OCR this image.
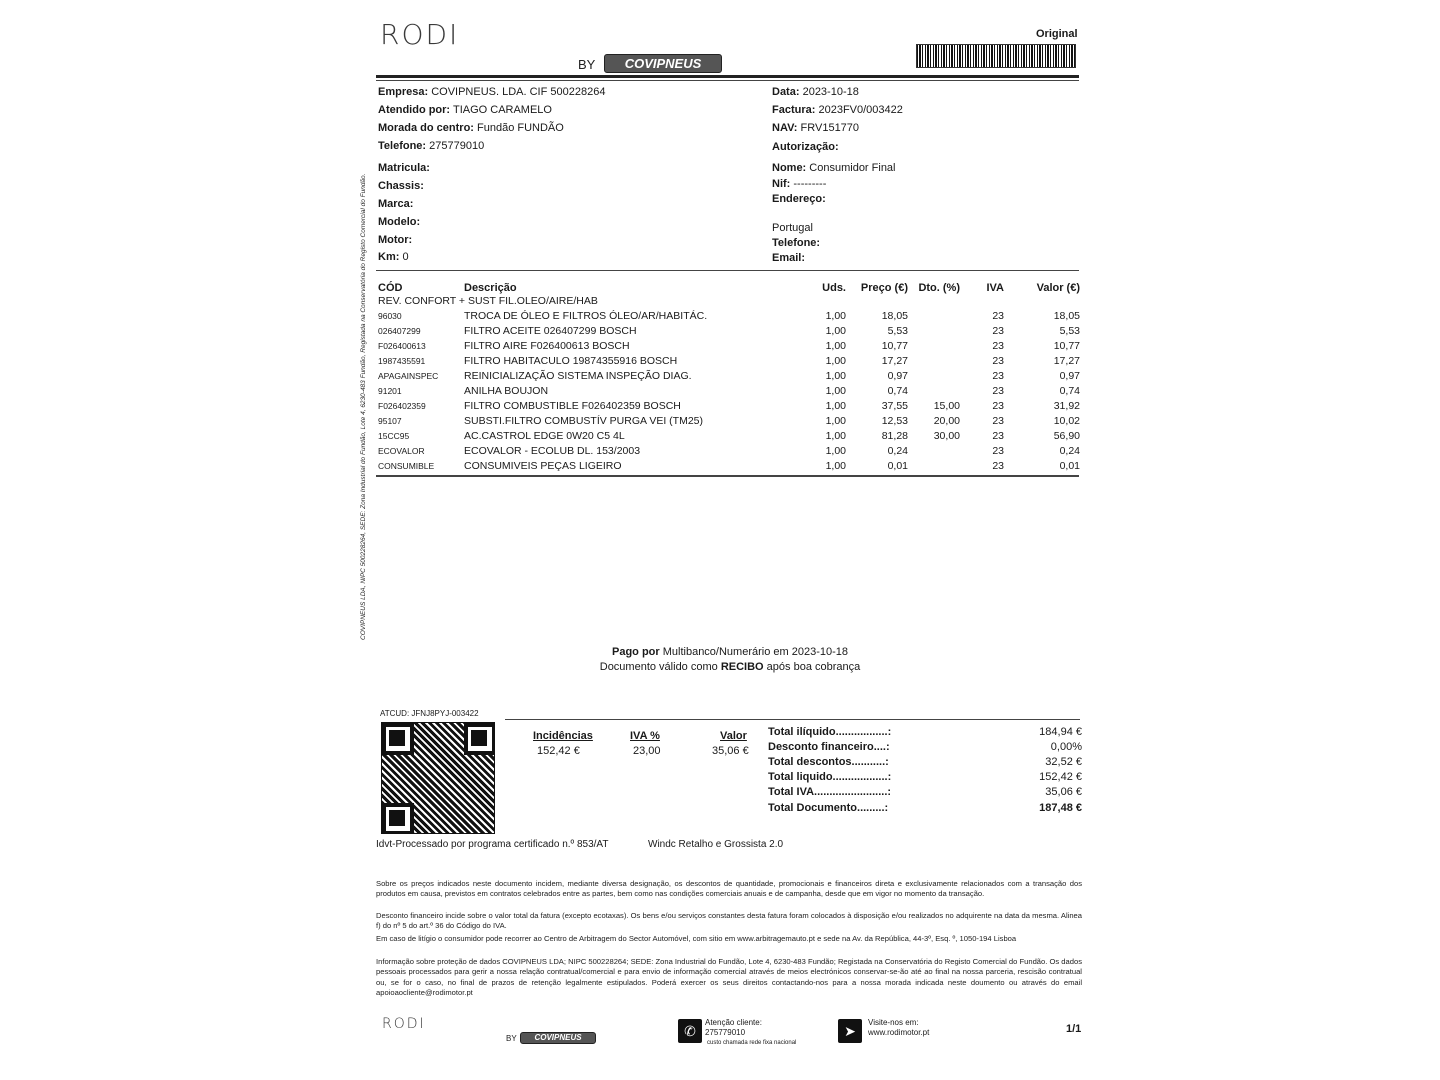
RODI
BY	COVIPNEUS
Original
Empresa: COVIPNEUS. LDA. CIF 500228264
Atendido por: TIAGO CARAMELO
Morada do centro: Fundão FUNDÃO
Telefone: 275779010
Matricula:
Chassis:
Marca:
Modelo:
Motor:
Km: 0
Data: 2023-10-18
Factura: 2023FV0/003422
NAV: FRV151770
Autorização:
Nome: Consumidor Final
Nif: ---------
Endereço:
Portugal
Telefone:
Email:
COVIPNEUS LDA, NIPC 500228264, SEDE: Zona Industrial do Fundão, Lote 4, 6230-483 Fundão, Registada na Conservatória do Registo Comercial do Fundão. CÓD	Descrição	Uds.	Preço (€)	Dto. (%)	IVA	Valor (€)
REV. CONFORT + SUST FIL.OLEO/AIRE/HAB						
96030	TROCA DE ÓLEO E FILTROS ÓLEO/AR/HABITÁC.	1,00	18,05		23	18,05
026407299	FILTRO ACEITE 026407299 BOSCH	1,00	5,53		23	5,53
F026400613	FILTRO AIRE F026400613 BOSCH	1,00	10,77		23	10,77
1987435591	FILTRO HABITACULO 19874355916 BOSCH	1,00	17,27		23	17,27
APAGAINSPEC	REINICIALIZAÇÃO SISTEMA INSPEÇÃO DIAG.	1,00	0,97		23	0,97
91201	ANILHA BOUJON	1,00	0,74		23	0,74
F026402359	FILTRO COMBUSTIBLE F026402359 BOSCH	1,00	37,55	15,00	23	31,92
95107	SUBSTI.FILTRO COMBUSTÍV PURGA VEI (TM25)	1,00	12,53	20,00	23	10,02
15CC95	AC.CASTROL EDGE 0W20 C5 4L	1,00	81,28	30,00	23	56,90
ECOVALOR	ECOVALOR - ECOLUB DL. 153/2003	1,00	0,24		23	0,24
CONSUMIBLE	CONSUMIVEIS PEÇAS LIGEIRO	1,00	0,01		23	0,01
Pago por Multibanco/Numerário em 2023-10-18
Documento válido como RECIBO após boa cobrança
ATCUD: JFNJ8PYJ-003422
Incidências	IVA %	Valor
152,42 €	23,00	35,06 €
Total ilíquido.................:	184,94 €
Desconto financeiro....:	0,00%
Total descontos...........:	32,52 €
Total liquido..................:	152,42 €
Total IVA........................:	35,06 €
Total Documento.........:	187,48 €
Idvt-Processado por programa certificado n.º 853/AT	Windc Retalho e Grossista 2.0
Sobre os preços indicados neste documento incidem, mediante diversa designação, os descontos de quantidade, promocionais e financeiros direta e exclusivamente relacionados com a transação dos produtos em causa, previstos em contratos celebrados entre as partes, bem como nas condições comerciais anuais e de campanha, desde que em vigor no momento da transação.
Desconto financeiro incide sobre o valor total da fatura (excepto ecotaxas). Os bens e/ou serviços constantes desta fatura foram colocados à disposição e/ou realizados no adquirente na data da mesma. Alinea f) do nº 5 do art.º 36 do Código do IVA.
Em caso de litígio o consumidor pode recorrer ao Centro de Arbitragem do Sector Automóvel, com sitio em www.arbitragemauto.pt e sede na Av. da República, 44-3º, Esq. º, 1050-194 Lisboa
Informação sobre proteção de dados COVIPNEUS LDA; NIPC 500228264; SEDE: Zona Industrial do Fundão, Lote 4, 6230-483 Fundão; Registada na Conservatória do Registo Comercial do Fundão. Os dados pessoais processados para gerir a nossa relação contratual/comercial e para envio de informação comercial através de meios electrónicos conservar-se-ão até ao final na nossa parceria, rescisão contratual ou, se for o caso, no final de prazos de retenção legalmente estipulados. Poderá exercer os seus direitos contactando-nos para a nossa morada indicada neste doumento ou através do email apoioaocliente@rodimotor.pt
RODI
BY	COVIPNEUS	✆
Atenção cliente:
275779010
custo chamada rede fixa nacional
➤
Visite-nos em:
www.rodimotor.pt	1/1
